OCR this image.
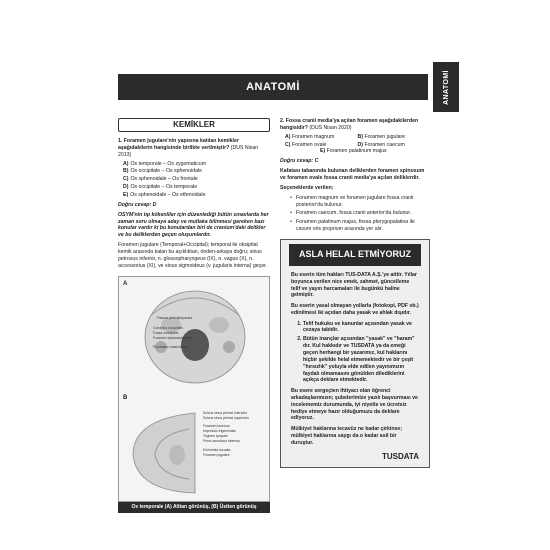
ANATOMİ	ANATOMİ
KEMİKLER
1. Foramen jugulare'nin yapısına katılan kemikler aşağıdakilerin hangisinde birlikte verilmiştir? (DUS Nisan 2013)
A) Os temporale – Os zygomaticum
B) Os occipitale – Os sphenoidale
C) Os sphenoidale – Os frontale
D) Os occipitale – Os temporale
E) Os sphenoidale – Os ethmoidale
Doğru cevap: D
OSYM'nin tıp kökenliler için düzenlediği bütün sınavlarda her zaman soru olmaya aday ve mutlaka bilinmesi gereken bazı konular vardır ki bu konulardan biri de cranium'daki delikler ve bu deliklerden geçen oluşumlardır.
Foramen jugulare (Temporal+Occipital); temporal ile oksipital kemik arasında kalan bu açıklıktan, önden-arkaya doğru; sinus petrosus inferior, n. glossopharyngeus (IX), n. vagus (X), n. accessorius (XI), ve sinus sigmoideus (v. jugularis interna) geçer.
A
Fissura petrotympanica
Condylus occipitalis
Fossa condylaris
Foramen stylomastoideum
Processus mastoideus
B
Sulcus sinus petrosi inferioris
Sulcus sinus petrosi superioris
Foramen lacerum
Impressio trigeminalis
Tegmen tympani
Porus acusticus internus
Eminentia arcuata
Foramen jugulare
Os temporale (A) Alttan görünüş, (B) Üstten görünüş
2. Fossa cranii media'ya açılan foramen aşağıdakilerden hangisidir? (DUS Nisan 2020)
A) Foramen magnum	B) Foramen jugulare
C) Foramen ovale	D) Foramen caecum
E) Foramen palatinum majus
Doğru cevap: C
Kafatası tabanında bulunan deliklerden foramen spinosum ve foramen ovale fossa cranii media'ya açılan deliklerdir.
Seçeneklerde verilen;
• Foramen magnum ve foramen jugulare fossa cranii posterior'da bulunur.
• Foramen caecum, fossa cranii anterior'da bulunur.
• Foramen palatinum majus, fossa pterygopalatina ile cavum oris proprium arasında yer alır.
ASLA HELAL ETMİYORUZ

Bu eserin tüm hakları TUS-DATA A.Ş.'ye aittir. Yıllar boyunca verilen nice emek, zahmet, güncelleme telif ve yayın harcamaları ile bugünkü haline gelmiştir.

Bu eserin yasal olmayan yollarla (fotokopi, PDF vb.) edinilmesi iki açıdan daha yasak ve ahlak dışıdır.

1. Telif hukuku ve kanunlar açısından yasak ve cezaya tabidir.
2. Bütün inançlar açısından "yasak" ve "haram" dır. Kul hakkıdır ve TUSDATA ya da emeği geçen herhangi bir yazarımız, kul haklarını hiçbir şekilde helal etmemektedir ve bir çeşit "hırsızlık" yoluyla elde edilen yayınımızın faydalı olmamasını gönülden dilediklerini açıkça deklare etmektedir.

Bu esere sergeçten ihtiyacı olan öğrenci arkadaşlarımızın; şubelerimize yazılı başvurması ve incelememiz durumunda, iyi niyetle ve ücretsiz hediye etmeye hazır olduğumuzu da deklare ediyoruz.

Mülkiyet haklarına tecavüz ne kadar çirkinse; mülkiyet haklarına saygı da o kadar asil bir duruştur.

TUSDATA
